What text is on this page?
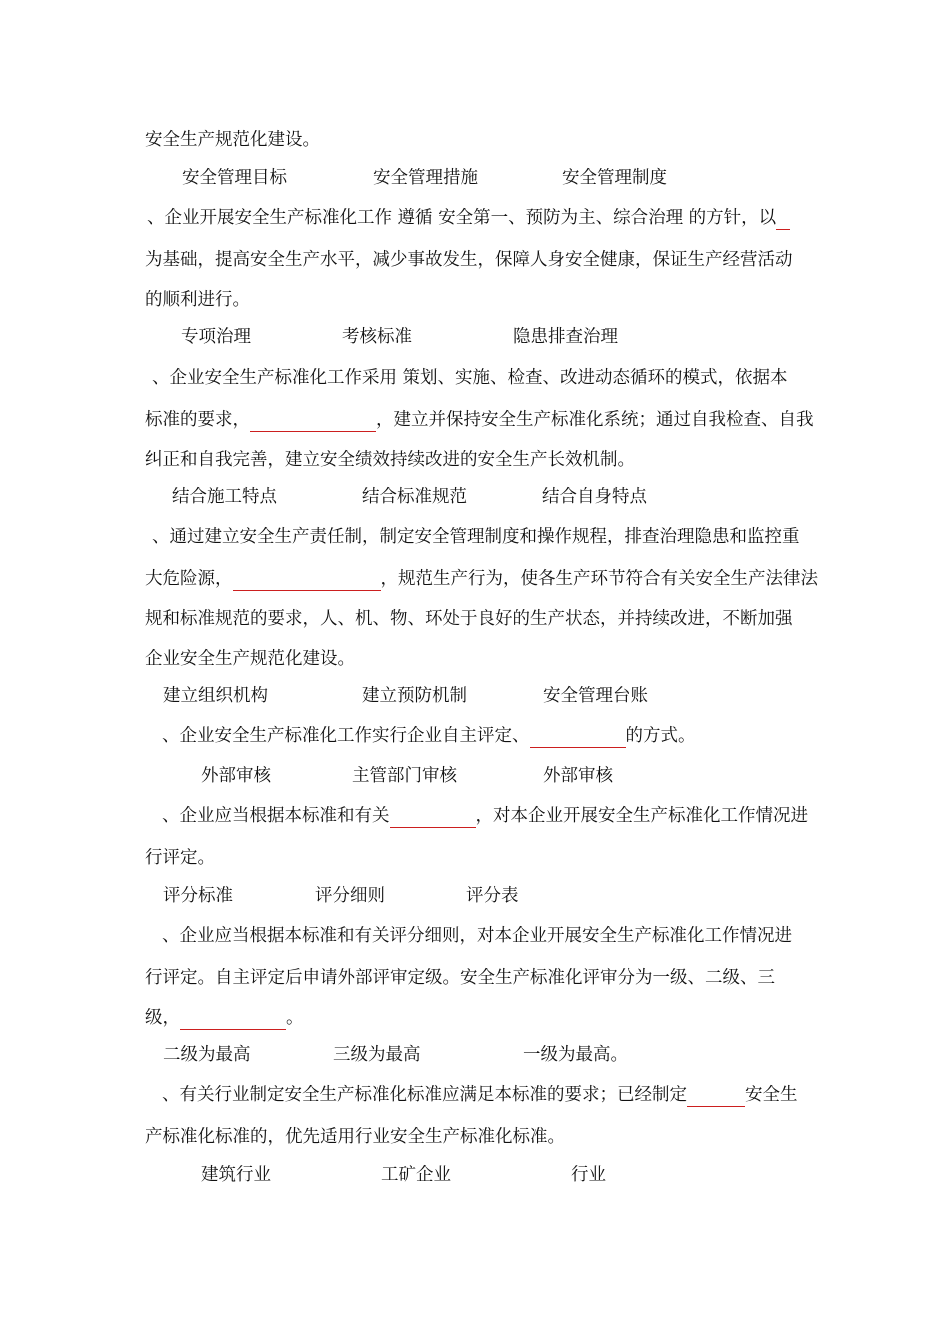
安全生产规范化建设。
安全管理目标	安全管理措施	安全管理制度
、企业开展安全生产标准化工作 遵循 安全第一、预防为主、综合治理 的方针，以
为基础，提高安全生产水平，减少事故发生，保障人身安全健康，保证生产经营活动
的顺利进行。
专项治理	考核标准	隐患排查治理
、企业安全生产标准化工作采用 策划、实施、检查、改进动态循环的模式，依据本
标准的要求，	，建立并保持安全生产标准化系统；通过自我检查、自我
纠正和自我完善，建立安全绩效持续改进的安全生产长效机制。
结合施工特点	结合标准规范	结合自身特点
、通过建立安全生产责任制，制定安全管理制度和操作规程，排查治理隐患和监控重
大危险源，	，规范生产行为，使各生产环节符合有关安全生产法律法
规和标准规范的要求，人、机、物、环处于良好的生产状态，并持续改进，不断加强
企业安全生产规范化建设。
建立组织机构	建立预防机制	安全管理台账
、企业安全生产标准化工作实行企业自主评定、	的方式。
外部审核	主管部门审核	外部审核
、企业应当根据本标准和有关	，对本企业开展安全生产标准化工作情况进
行评定。
评分标准	评分细则	评分表
、企业应当根据本标准和有关评分细则，对本企业开展安全生产标准化工作情况进
行评定。自主评定后申请外部评审定级。安全生产标准化评审分为一级、二级、三
级，	。
二级为最高	三级为最高	一级为最高。
、有关行业制定安全生产标准化标准应满足本标准的要求；已经制定	安全生
产标准化标准的，优先适用行业安全生产标准化标准。
建筑行业	工矿企业	行业
